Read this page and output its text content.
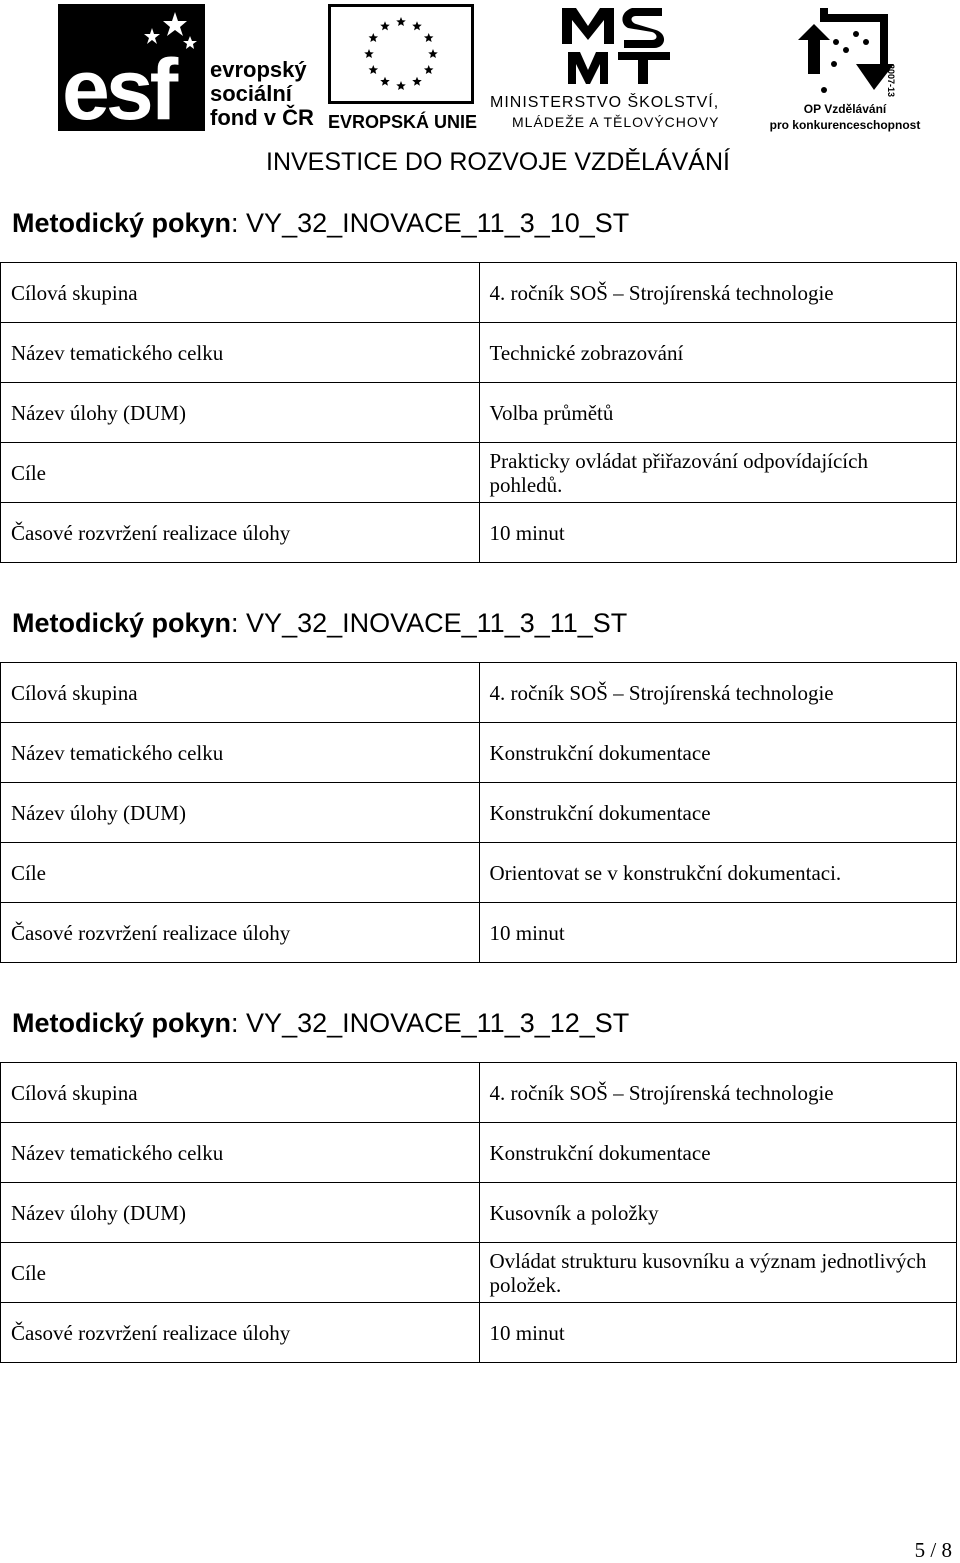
esf evropský
sociální
fond v ČR EVROPSKÁ UNIE
MINISTERSTVO ŠKOLSTVÍ,
MLÁDEŽE A TĚLOVÝCHOVY
2007-13
OP Vzdělávání
pro konkurenceschopnost
INVESTICE DO ROZVOJE VZDĚLÁVÁNÍ
Metodický pokyn: VY_32_INOVACE_11_3_10_ST
Cílová skupina	4. ročník SOŠ – Strojírenská technologie
Název tematického celku	Technické zobrazování
Název úlohy (DUM)	Volba průmětů
Cíle	Prakticky ovládat přiřazování odpovídajících pohledů.
Časové rozvržení realizace úlohy	10 minut
Metodický pokyn: VY_32_INOVACE_11_3_11_ST
Cílová skupina	4. ročník SOŠ – Strojírenská technologie
Název tematického celku	Konstrukční dokumentace
Název úlohy (DUM)	Konstrukční dokumentace
Cíle	Orientovat se v konstrukční dokumentaci.
Časové rozvržení realizace úlohy	10 minut
Metodický pokyn: VY_32_INOVACE_11_3_12_ST
Cílová skupina	4. ročník SOŠ – Strojírenská technologie
Název tematického celku	Konstrukční dokumentace
Název úlohy (DUM)	Kusovník a položky
Cíle	Ovládat strukturu kusovníku a význam jednotlivých položek.
Časové rozvržení realizace úlohy	10 minut
5 / 8
